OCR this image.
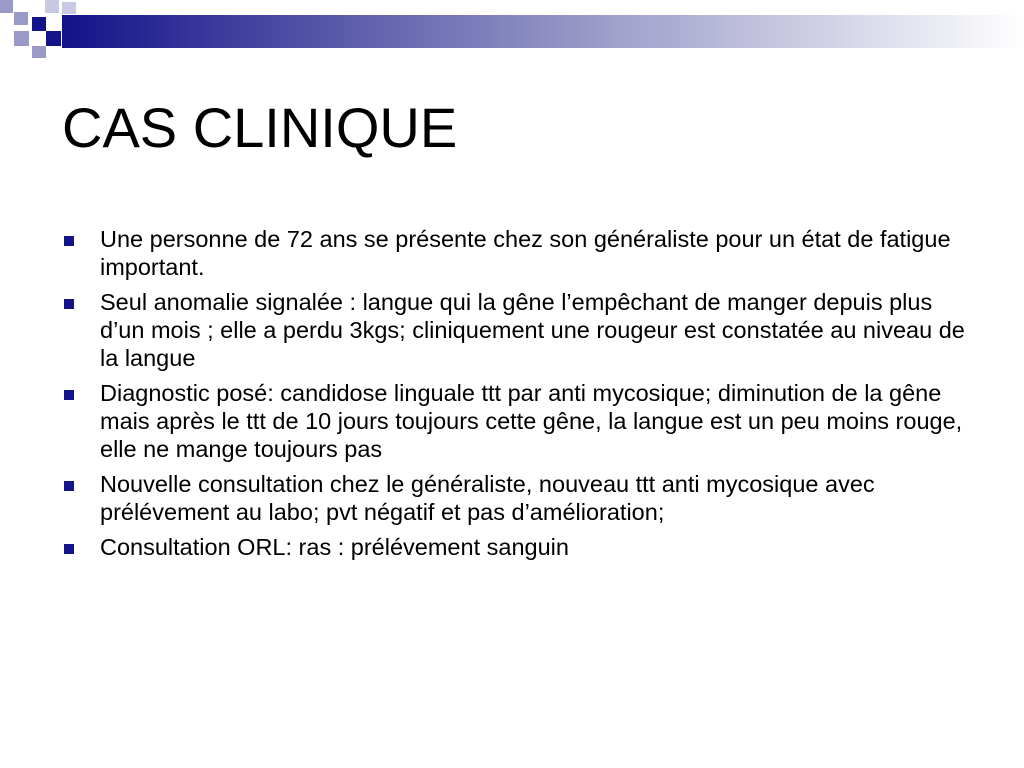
CAS CLINIQUE
Une personne de 72 ans se présente chez son généraliste pour un état de fatigue important.
Seul anomalie signalée : langue qui la gêne l’empêchant de manger depuis plus d’un mois ; elle a perdu 3kgs; cliniquement une rougeur est constatée au niveau de la langue
Diagnostic posé: candidose linguale ttt par anti mycosique; diminution de la gêne mais après le ttt de 10 jours toujours cette gêne, la langue est un peu moins rouge, elle ne mange toujours pas
Nouvelle consultation chez le généraliste, nouveau ttt anti mycosique avec prélévement au labo; pvt négatif et pas d’amélioration;
Consultation ORL: ras : prélévement sanguin
